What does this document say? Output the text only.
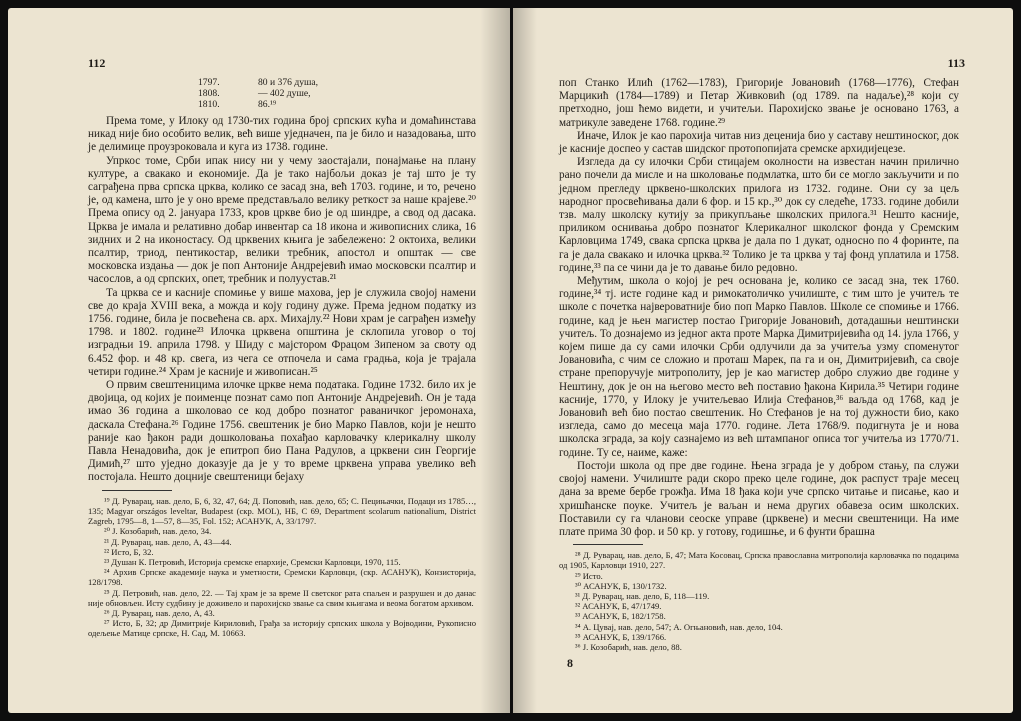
112
1797.	80 и 376 душа,
1808.	— 402 душе,
1810.	86.¹⁹

Према томе, у Илоку од 1730-тих година број српских кућа и домаћинстава никад није био особито велик, већ више уједначен, па је било и назадовања, што је делимице проузроковала и куга из 1738. године.

Упркос томе, Срби ипак нису ни у чему заостајали, понајмање на плану културе, а свакако и економије. Да је тако најбољи доказ је тај што је ту саграђена прва српска црква, колико се засад зна, већ 1703. године, и то, речено је, од камена, што је у оно време представљало велику реткост за наше крајеве.²⁰ Према опису од 2. јануара 1733, кров цркве био је од шиндре, а свод од дасака. Црква је имала и релативно добар инвентар са 18 икона и живописних слика, 16 зидних и 2 на иконостасу. Од црквених књига је забележено: 2 октоиха, велики псалтир, триод, пентикостар, велики требник, апостол и општак — све московска издања — док је поп Антоније Андрејевић имао московски псалтир и часослов, а од српских, опет, требник и полуустав.²¹

Та црква се и касније спомиње у више махова, јер је служила својој намени све до краја XVIII века, а можда и коју годину дуже. Према једном податку из 1756. године, била је посвећена св. арх. Михајлу.²² Нови храм је саграђен између 1798. и 1802. године²³ Илочка црквена општина је склопила уговор о тој изградњи 19. априла 1798. у Шиду с мајстором Фрацом Зипеном за своту од 6.452 фор. и 48 кр. свега, из чега се отпочела и сама градња, која је трајала четири године.²⁴ Храм је касније и живописан.²⁵

О првим свештеницима илочке цркве нема података. Године 1732. било их је двојица, од којих је поименце познат само поп Антоније Андрејевић. Он је тада имао 36 година а школовао се код добро познатог раваничког јеромонаха, даскала Стефана.²⁶ Године 1756. свештеник је био Марко Павлов, који је нешто раније као ђакон ради дошколовања похађао карловачку клерикалну школу Павла Ненадовића, док је епитроп био Пана Радулов, а црквени син Георгије Димић,²⁷ што уједно доказује да је у то време црквена управа увелико већ постојала. Нешто доцније свештеници бејаху

¹⁹ Д. Руварац, нав. дело, Б, 6, 32, 47, 64; Д. Поповић, нав. дело, 65; С. Пецињачки, Подаци из 1785…, 135; Magyar országos leveltar, Budapest (скр. MOL), НБ, С 69, Department scolarum nationalium, District Zagreb, 1795—8, 1—57, 8—35, Fol. 152; АСАНУК, А, 33/1797.

²⁰ Ј. Козобарић, нав. дело, 34.

²¹ Д. Руварац, нав. дело, А, 43—44.

²² Исто, Б, 32.

²³ Душан К. Петровић, Историја сремске епархије, Сремски Карловци, 1970, 115.

²⁴ Архив Српске академије наука и уметности, Сремски Карловци, (скр. АСАНУК), Конзисторија, 128/1798.

²⁵ Д. Петровић, нав. дело, 22. — Тај храм је за време II светског рата спаљен и разрушен и до данас није обновљен. Исту судбину је доживело и парохијско звање са свим књигама и веома богатом архивом.

²⁶ Д. Руварац, нав. дело, А, 43.

²⁷ Исто, Б, 32; др Димитрије Кириловић, Грађа за историју српских школа у Војводини, Рукописно одељење Матице српске, Н. Сад, М. 10663.

113

поп Станко Илић (1762—1783), Григорије Јовановић (1768—1776), Стефан Марцикић (1784—1789) и Петар Живковић (од 1789. па надаље),²⁸ који су претходно, још ћемо видети, и учитељи. Парохијско звање је основано 1763, а матрикуле заведене 1768. године.²⁹

Иначе, Илок је као парохија читав низ деценија био у саставу нештиноског, док је касније доспео у састав шидског протопопијата сремске архидијецезе.

Изгледа да су илочки Срби стицајем околности на известан начин прилично рано почели да мисле и на школовање подмлатка, што би се могло закључити и по једном прегледу црквено-школских прилога из 1732. године. Они су за цељ народног просвећивања дали 6 фор. и 15 кр.,³⁰ док су следеће, 1733. године добили тзв. малу школску кутију за прикупљање школских прилога.³¹ Нешто касније, приликом оснивања добро познатог Клерикалног школског фонда у Сремским Карловцима 1749, свака српска црква је дала по 1 дукат, односно по 4 форинте, па га је дала свакако и илочка црква.³² Толико је та црква у тај фонд уплатила и 1758. године,³³ па се чини да је то давање било редовно.

Међутим, школа о којој је реч основана је, колико се засад зна, тек 1760. године,³⁴ тј. исте године кад и римокатоличко училиште, с тим што је учитељ те школе с почетка највероватније био поп Марко Павлов. Школе се спомиње и 1766. године, кад је њен магистер постао Григорије Јовановић, дотадашњи нештински учитељ. То дознајемо из једног акта проте Марка Димитријевића од 14. јула 1766, у којем пише да су сами илочки Срби одлучили да за учитеља узму споменутог Јовановића, с чим се сложио и проташ Марек, па га и он, Димитријевић, са своје стране препоручује митрополиту, јер је као магистер добро служио две године у Нештину, док је он на његово место већ поставио ђакона Кирила.³⁵ Четири године касније, 1770, у Илоку је учитељевао Илија Стефанов,³⁶ ваљда од 1768, кад је Јовановић већ био постао свештеник. Но Стефанов је на тој дужности био, како изгледа, само до месеца маја 1770. године. Лета 1768/9. подигнута је и нова школска зграда, за коју сазнајемо из већ штампаног описа тог учитеља из 1770/71. године. Ту се, наиме, каже:

Постоји школа од пре две године. Њена зграда је у добром стању, па служи својој намени. Училиште ради скоро преко целе године, док распуст траје месец дана за време бербе грожђа. Има 18 ђака који уче српско читање и писање, као и хришћанске поуке. Учитељ је ваљан и нема других обавеза осим школских. Поставили су га чланови сеоске управе (црквене) и месни свештеници. На име плате прима 30 фор. и 50 кр. у готову, годишње, и 6 фунти брашна

²⁸ Д. Руварац, нав. дело, Б, 47; Мата Косовац, Српска православна митрополија карловачка по подацима од 1905, Карловци 1910, 227.

²⁹ Исто.

³⁰ АСАНУК, Б, 130/1732.

³¹ Д. Руварац, нав. дело, Б, 118—119.

³² АСАНУК, Б, 47/1749.

³³ АСАНУК, Б, 182/1758.

³⁴ А. Цувај, нав. дело, 547; А. Огњановић, нав. дело, 104.

³⁵ АСАНУК, Б, 139/1766.

³⁶ Ј. Козобарић, нав. дело, 88.

8
